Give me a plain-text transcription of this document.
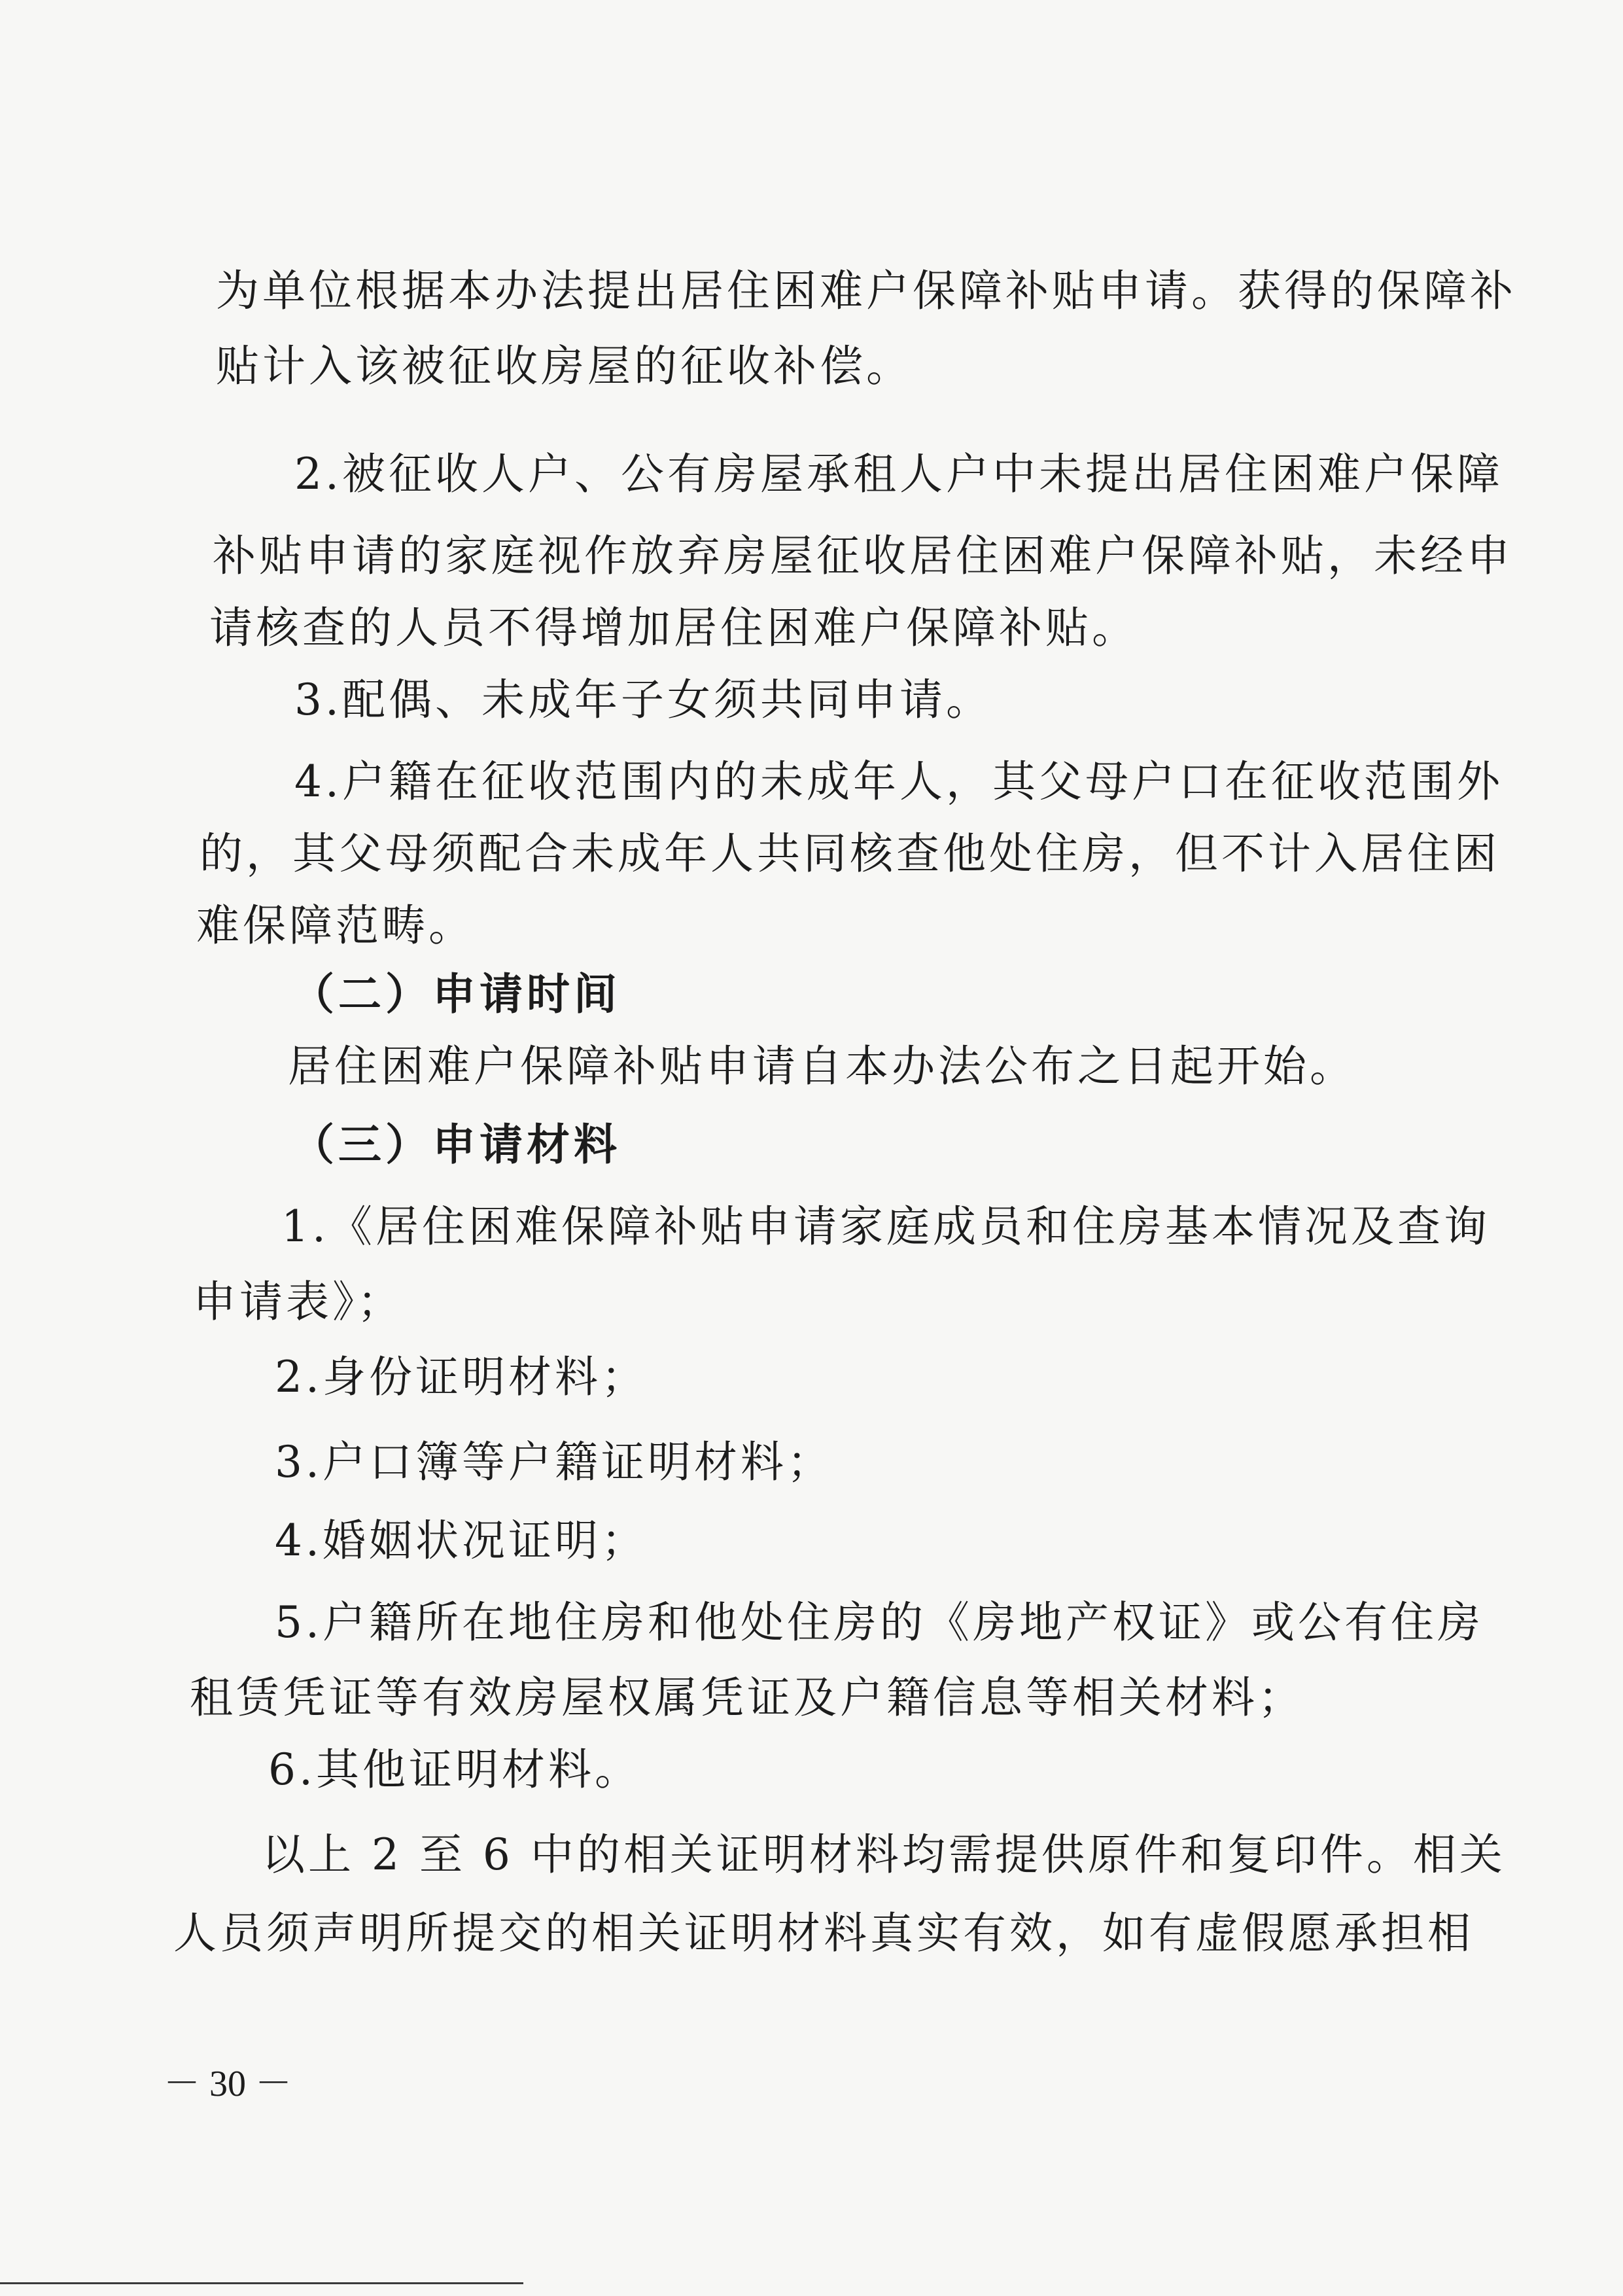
为单位根据本办法提出居住困难户保障补贴申请。获得的保障补
贴计入该被征收房屋的征收补偿。
2.被征收人户、公有房屋承租人户中未提出居住困难户保障
补贴申请的家庭视作放弃房屋征收居住困难户保障补贴，未经申
请核查的人员不得增加居住困难户保障补贴。
3.配偶、未成年子女须共同申请。
4.户籍在征收范围内的未成年人，其父母户口在征收范围外
的，其父母须配合未成年人共同核查他处住房，但不计入居住困
难保障范畴。
（二）申请时间
居住困难户保障补贴申请自本办法公布之日起开始。
（三）申请材料
1.《居住困难保障补贴申请家庭成员和住房基本情况及查询
申请表》；
2.身份证明材料；
3.户口簿等户籍证明材料；
4.婚姻状况证明；
5.户籍所在地住房和他处住房的《房地产权证》或公有住房
租赁凭证等有效房屋权属凭证及户籍信息等相关材料；
6.其他证明材料。
以上 2 至 6 中的相关证明材料均需提供原件和复印件。相关
人员须声明所提交的相关证明材料真实有效，如有虚假愿承担相
－ 30 －
